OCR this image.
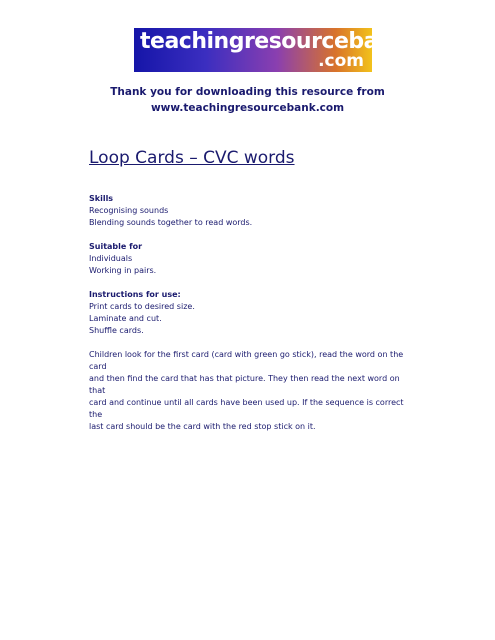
teachingresourcebank
.com
Thank you for downloading this resource from
www.teachingresourcebank.com
Loop Cards – CVC words

Skills

Recognising sounds

Blending sounds together to read words.

Suitable for

Individuals

Working in pairs.

Instructions for use:

Print cards to desired size.

Laminate and cut.

Shuffle cards.

Children look for the first card (card with green go stick), read the word on the card

and then find the card that has that picture. They then read the next word on that

card and continue until all cards have been used up. If the sequence is correct the

last card should be the card with the red stop stick on it.
